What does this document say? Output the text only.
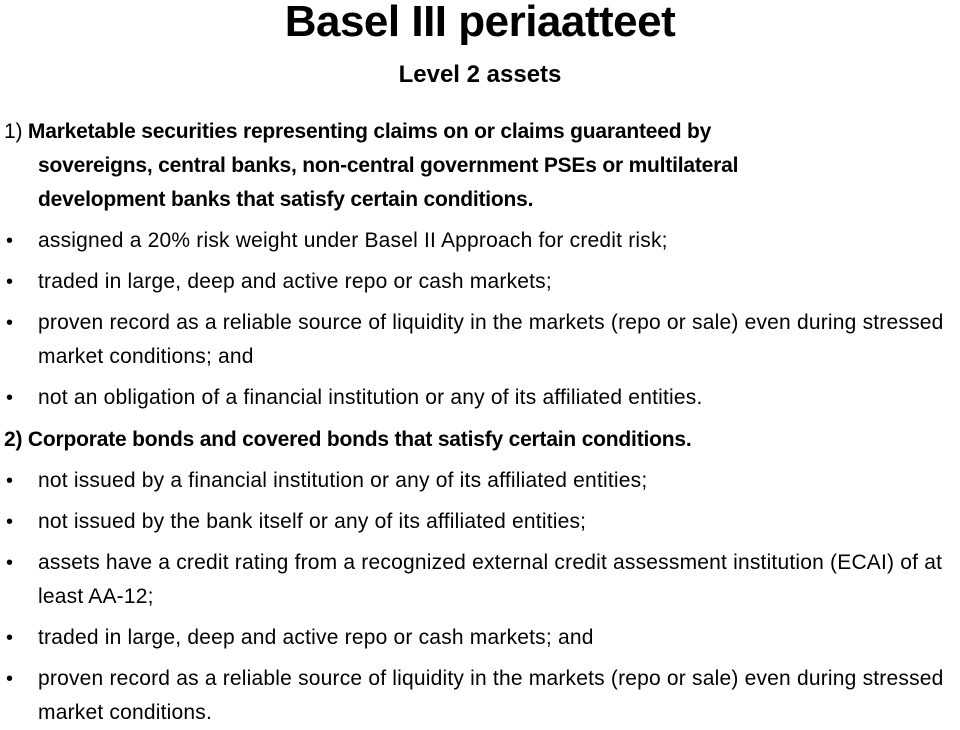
Basel III periaatteet
Level 2 assets

1) Marketable securities representing claims on or claims guaranteed by
sovereigns, central banks, non-central government PSEs or multilateral
development banks that satisfy certain conditions.

• assigned a 20% risk weight under Basel II Approach for credit risk;
• traded in large, deep and active repo or cash markets;
• proven record as a reliable source of liquidity in the markets (repo or sale) even during stressed market conditions; and
• not an obligation of a financial institution or any of its affiliated entities.

2) Corporate bonds and covered bonds that satisfy certain conditions.

• not issued by a financial institution or any of its affiliated entities;
• not issued by the bank itself or any of its affiliated entities;
• assets have a credit rating from a recognized external credit assessment institution (ECAI) of at least AA-12;
• traded in large, deep and active repo or cash markets; and
• proven record as a reliable source of liquidity in the markets (repo or sale) even during stressed market conditions.
